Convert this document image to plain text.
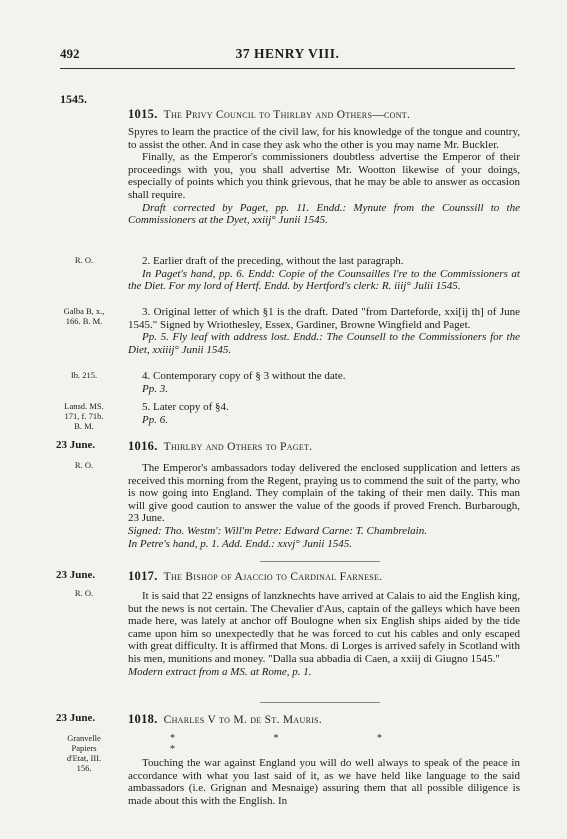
492	37 HENRY VIII.
1545.
1015. The Privy Council to Thirlby and Others—cont.

Spyres to learn the practice of the civil law, for his knowledge of the tongue and country, to assist the other. And in case they ask who the other is you may name Mr. Buckler.

Finally, as the Emperor's commissioners doubtless advertise the Emperor of their proceedings with you, you shall advertise Mr. Wootton likewise of your doings, especially of points which you think grievous, that he may be able to answer as occasion shall require.

Draft corrected by Paget, pp. 11. Endd.: Mynute from the Counssill to the Commissioners at the Dyet, xxiij° Junii 1545.

R. O.	2. Earlier draft of the preceding, without the last paragraph.

In Paget's hand, pp. 6. Endd: Copie of the Counsailles l're to the Commissioners at the Diet. For my lord of Hertf. Endd. by Hertford's clerk: R. iiij° Julii 1545.

Galba B, x., 166. B. M.

3. Original letter of which §1 is the draft. Dated "from Darteforde, xxi[ij th] of June 1545." Signed by Wriothesley, Essex, Gardiner, Browne Wingfield and Paget.

Pp. 5. Fly leaf with address lost. Endd.: The Counsell to the Commissioners for the Diet, xxiiij° Junii 1545.

Ib. 215.	4. Contemporary copy of § 3 without the date.

Pp. 3.

Lansd. MS. 171, f. 71b. B. M.

5. Later copy of §4.

Pp. 6.

23 June.	1016. Thirlby and Others to Paget.
R. O.	The Emperor's ambassadors today delivered the enclosed supplication and letters as received this morning from the Regent, praying us to commend the suit of the party, who is now going into England. They complain of the taking of their men daily. This man will give good caution to answer the value of the goods if proved French. Burbarough, 23 June.

Signed: Tho. Westm': Will'm Petre: Edward Carne: T. Chambrelain.

In Petre's hand, p. 1. Add. Endd.: xxvj° Junii 1545.

23 June.	1017. The Bishop of Ajaccio to Cardinal Farnese.
R. O.	It is said that 22 ensigns of lanzknechts have arrived at Calais to aid the English king, but the news is not certain. The Chevalier d'Aus, captain of the galleys which have been made here, was lately at anchor off Boulogne when six English ships aided by the tide came upon him so unexpectedly that he was forced to cut his cables and only escaped with great difficulty. It is affirmed that Mons. di Lorges is arrived safely in Scotland with his men, munitions and money. "Dalla sua abbadia di Caen, a xxiij di Giugno 1545."

Modern extract from a MS. at Rome, p. 1.

23 June.	1018. Charles V to M. de St. Mauris.
Granvelle Papiers d'Etat, III. 156.
* * * *

Touching the war against England you will do well always to speak of the peace in accordance with what you last said of it, as we have held like language to the said ambassadors (i.e. Grignan and Mesnaige) assuring them that all possible diligence is made about this with the English. In
